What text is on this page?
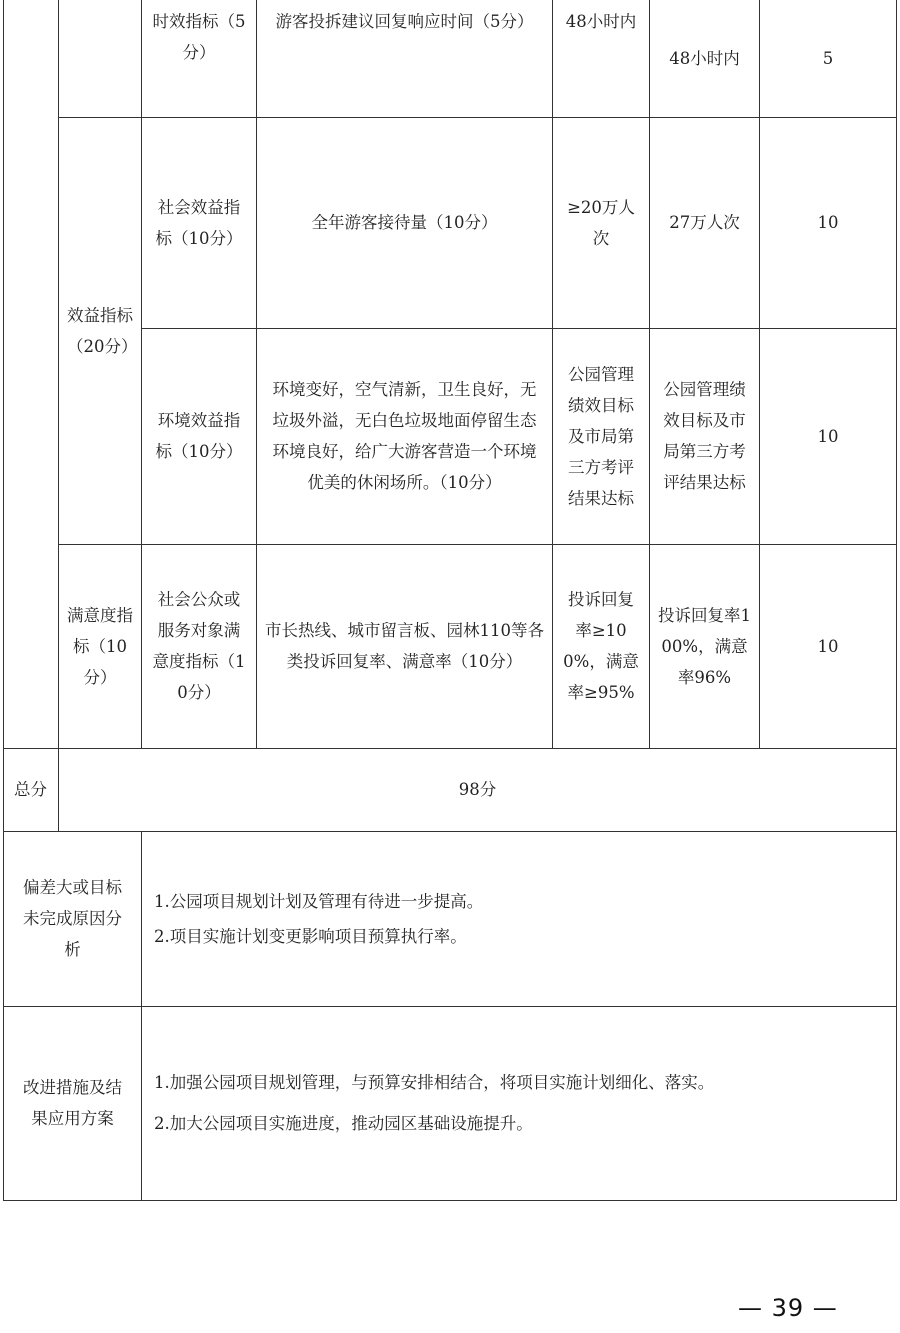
		时效指标（5分）	游客投拆建议回复响应时间（5分）	48小时内	48小时内	5
	效益指标（20分）	社会效益指标（10分）	全年游客接待量（10分）	≥20万人次	27万人次	10
		环境效益指标（10分）	环境变好，空气清新，卫生良好，无垃圾外溢，无白色垃圾地面停留生态环境良好，给广大游客营造一个环境优美的休闲场所。（10分）	公园管理绩效目标及市局第三方考评结果达标	公园管理绩效目标及市局第三方考评结果达标	10
	满意度指标（10分）	社会公众或服务对象满意度指标（10分）	市长热线、城市留言板、园林110等各类投诉回复率、满意率（10分）	投诉回复率≥100%，满意率≥95%	投诉回复率100%，满意率96%	10
总分	98分					
偏差大或目标未完成原因分析		1.公园项目规划计划及管理有待进一步提高。
2.项目实施计划变更影响项目预算执行率。				

改进措施及结果应用方案		1.加强公园项目规划管理，与预算安排相结合，将项目实施计划细化、落实。
2.加大公园项目实施进度，推动园区基础设施提升。				
— 39 —
